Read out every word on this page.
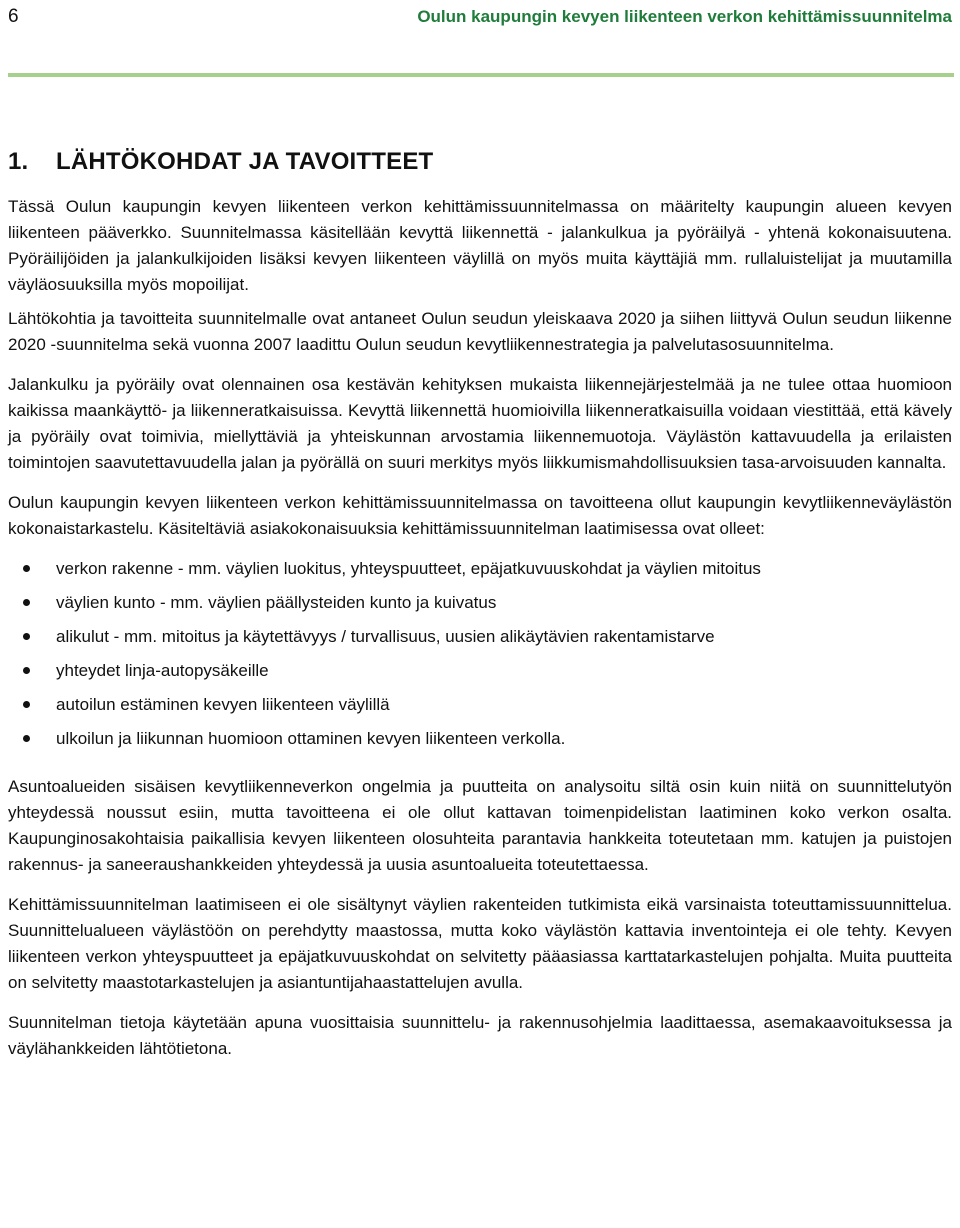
6	Oulun kaupungin kevyen liikenteen verkon kehittämissuunnitelma
1. LÄHTÖKOHDAT JA TAVOITTEET

Tässä Oulun kaupungin kevyen liikenteen verkon kehittämissuunnitelmassa on määritelty kaupungin alueen kevyen liikenteen pääverkko. Suunnitelmassa käsitellään kevyttä liikennettä - jalankulkua ja pyöräilyä - yhtenä kokonaisuutena. Pyöräilijöiden ja jalankulkijoiden lisäksi kevyen liikenteen väylillä on myös muita käyttäjiä mm. rullaluistelijat ja muutamilla väyläosuuksilla myös mopoilijat.

Lähtökohtia ja tavoitteita suunnitelmalle ovat antaneet Oulun seudun yleiskaava 2020 ja siihen liittyvä Oulun seudun liikenne 2020 -suunnitelma sekä vuonna 2007 laadittu Oulun seudun kevytliikennestrategia ja palvelutasosuunnitelma.

Jalankulku ja pyöräily ovat olennainen osa kestävän kehityksen mukaista liikennejärjestelmää ja ne tulee ottaa huomioon kaikissa maankäyttö- ja liikenneratkaisuissa. Kevyttä liikennettä huomioivilla liikenneratkaisuilla voidaan viestittää, että kävely ja pyöräily ovat toimivia, miellyttäviä ja yhteiskunnan arvostamia liikennemuotoja. Väylästön kattavuudella ja erilaisten toimintojen saavutettavuudella jalan ja pyörällä on suuri merkitys myös liikkumismahdollisuuksien tasa-arvoisuuden kannalta.

Oulun kaupungin kevyen liikenteen verkon kehittämissuunnitelmassa on tavoitteena ollut kaupungin kevytliikenneväylästön kokonaistarkastelu. Käsiteltäviä asiakokonaisuuksia kehittämissuunnitelman laatimisessa ovat olleet:

verkon rakenne - mm. väylien luokitus, yhteyspuutteet, epäjatkuvuuskohdat ja väylien mitoitus
väylien kunto - mm. väylien päällysteiden kunto ja kuivatus
alikulut - mm. mitoitus ja käytettävyys / turvallisuus, uusien alikäytävien rakentamistarve
yhteydet linja-autopysäkeille
autoilun estäminen kevyen liikenteen väylillä
ulkoilun ja liikunnan huomioon ottaminen kevyen liikenteen verkolla.

Asuntoalueiden sisäisen kevytliikenneverkon ongelmia ja puutteita on analysoitu siltä osin kuin niitä on suunnittelutyön yhteydessä noussut esiin, mutta tavoitteena ei ole ollut kattavan toimenpidelistan laatiminen koko verkon osalta. Kaupunginosakohtaisia paikallisia kevyen liikenteen olosuhteita parantavia hankkeita toteutetaan mm. katujen ja puistojen rakennus- ja saneeraushankkeiden yhteydessä ja uusia asuntoalueita toteutettaessa.

Kehittämissuunnitelman laatimiseen ei ole sisältynyt väylien rakenteiden tutkimista eikä varsinaista toteuttamissuunnittelua. Suunnittelualueen väylästöön on perehdytty maastossa, mutta koko väylästön kattavia inventointeja ei ole tehty. Kevyen liikenteen verkon yhteyspuutteet ja epäjatkuvuuskohdat on selvitetty pääasiassa karttatarkastelujen pohjalta. Muita puutteita on selvitetty maastotarkastelujen ja asiantuntijahaastattelujen avulla.

Suunnitelman tietoja käytetään apuna vuosittaisia suunnittelu- ja rakennusohjelmia laadittaessa, asemakaavoituksessa ja väylähankkeiden lähtötietona.
